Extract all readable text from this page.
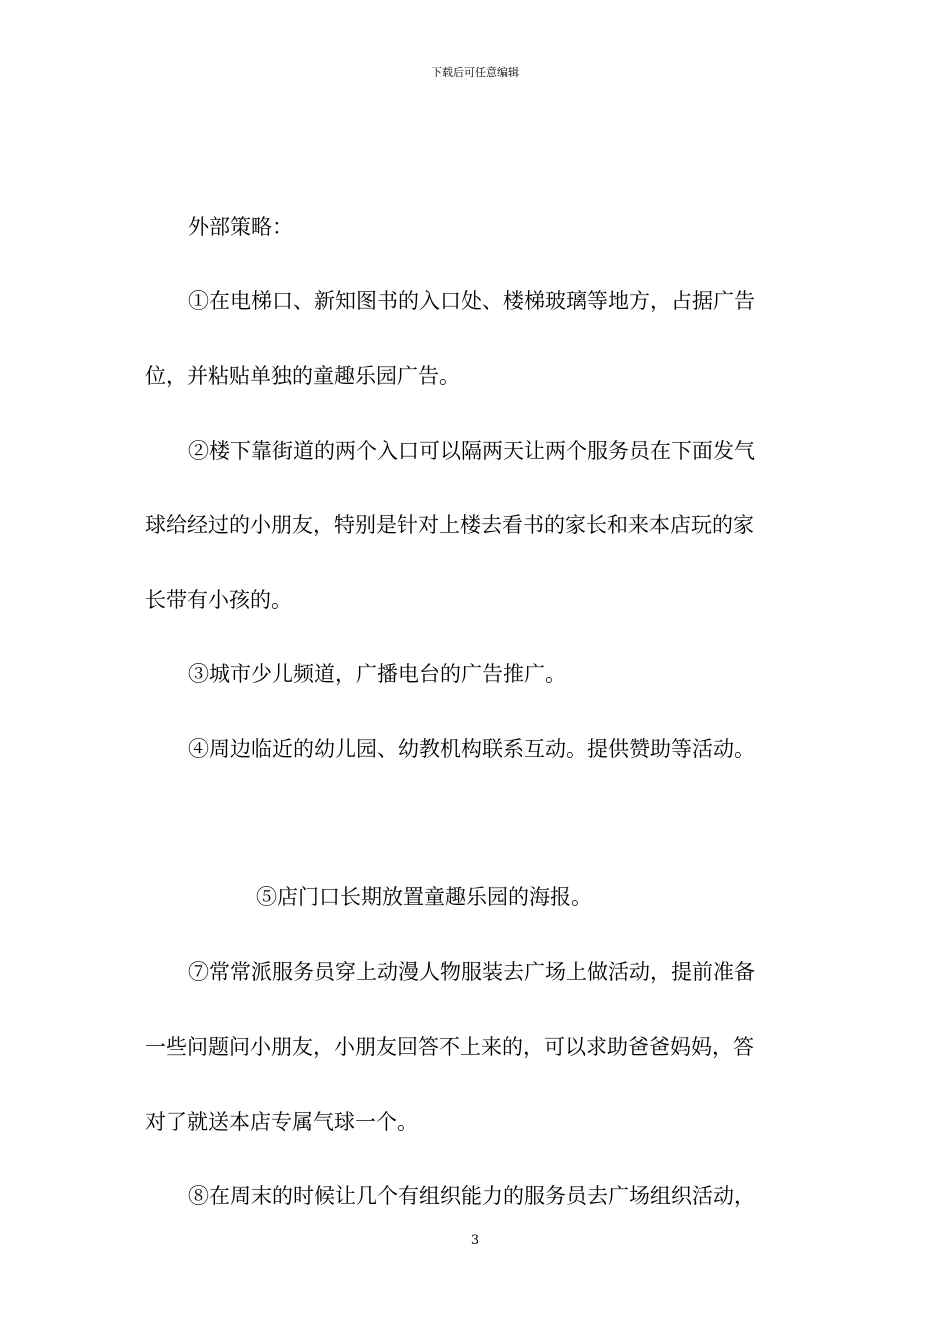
下载后可任意编辑

外部策略：

①在电梯口、新知图书的入口处、楼梯玻璃等地方，占据广告

位，并粘贴单独的童趣乐园广告。

②楼下靠街道的两个入口可以隔两天让两个服务员在下面发气

球给经过的小朋友，特别是针对上楼去看书的家长和来本店玩的家

长带有小孩的。

③城市少儿频道，广播电台的广告推广。

④周边临近的幼儿园、幼教机构联系互动。提供赞助等活动。

⑤店门口长期放置童趣乐园的海报。

⑦常常派服务员穿上动漫人物服装去广场上做活动，提前准备

一些问题问小朋友，小朋友回答不上来的，可以求助爸爸妈妈，答

对了就送本店专属气球一个。

⑧在周末的时候让几个有组织能力的服务员去广场组织活动，

3
